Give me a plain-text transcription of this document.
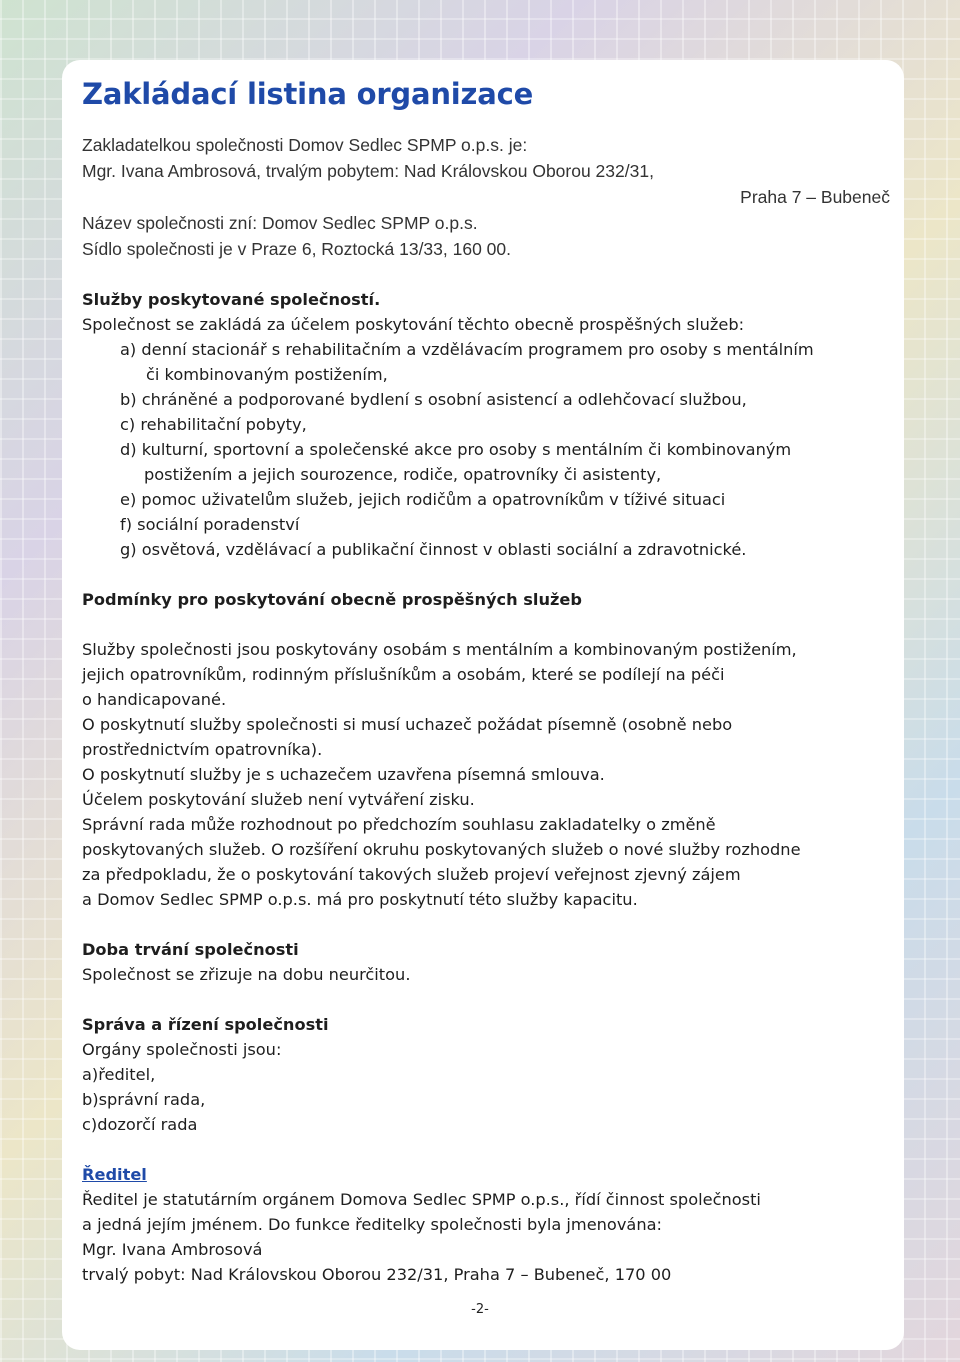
Zakládací listina organizace
Zakladatelkou společnosti Domov Sedlec SPMP o.p.s. je:
Mgr. Ivana Ambrosová, trvalým pobytem: Nad Královskou Oborou 232/31,
Praha 7 – Bubeneč
Název společnosti zní: Domov Sedlec SPMP o.p.s.
Sídlo společnosti je v Praze 6, Roztocká 13/33, 160 00.
Služby poskytované společností.
Společnost se zakládá za účelem poskytování těchto obecně prospěšných služeb:
a) denní stacionář s rehabilitačním a vzdělávacím programem pro osoby s mentálním
či kombinovaným postižením,
b) chráněné a podporované bydlení s osobní asistencí a odlehčovací službou,
c) rehabilitační pobyty,
d) kulturní, sportovní a společenské akce pro osoby s mentálním či kombinovaným
postižením a jejich sourozence, rodiče, opatrovníky či asistenty,
e) pomoc uživatelům služeb, jejich rodičům a opatrovníkům v tíživé situaci
f) sociální poradenství
g) osvětová, vzdělávací a publikační činnost v oblasti sociální a zdravotnické.
Podmínky pro poskytování obecně prospěšných služeb
Služby společnosti jsou poskytovány osobám s mentálním a kombinovaným postižením,
jejich opatrovníkům, rodinným příslušníkům a osobám, které se podílejí na péči
o handicapované.
O poskytnutí služby společnosti si musí uchazeč požádat písemně (osobně nebo
prostřednictvím opatrovníka).
O poskytnutí služby je s uchazečem uzavřena písemná smlouva.
Účelem poskytování služeb není vytváření zisku.
Správní rada může rozhodnout po předchozím souhlasu zakladatelky o změně
poskytovaných služeb. O rozšíření okruhu poskytovaných služeb o nové služby rozhodne
za předpokladu, že o poskytování takových služeb projeví veřejnost zjevný zájem
a Domov Sedlec SPMP o.p.s. má pro poskytnutí této služby kapacitu.
Doba trvání společnosti
Společnost se zřizuje na dobu neurčitou.
Správa a řízení společnosti
Orgány společnosti jsou:
a)ředitel,
b)správní rada,
c)dozorčí rada
Ředitel
Ředitel je statutárním orgánem Domova Sedlec SPMP o.p.s., řídí činnost společnosti
a jedná jejím jménem. Do funkce ředitelky společnosti byla jmenována:
Mgr. Ivana Ambrosová
trvalý pobyt: Nad Královskou Oborou 232/31, Praha 7 – Bubeneč, 170 00
-2-
